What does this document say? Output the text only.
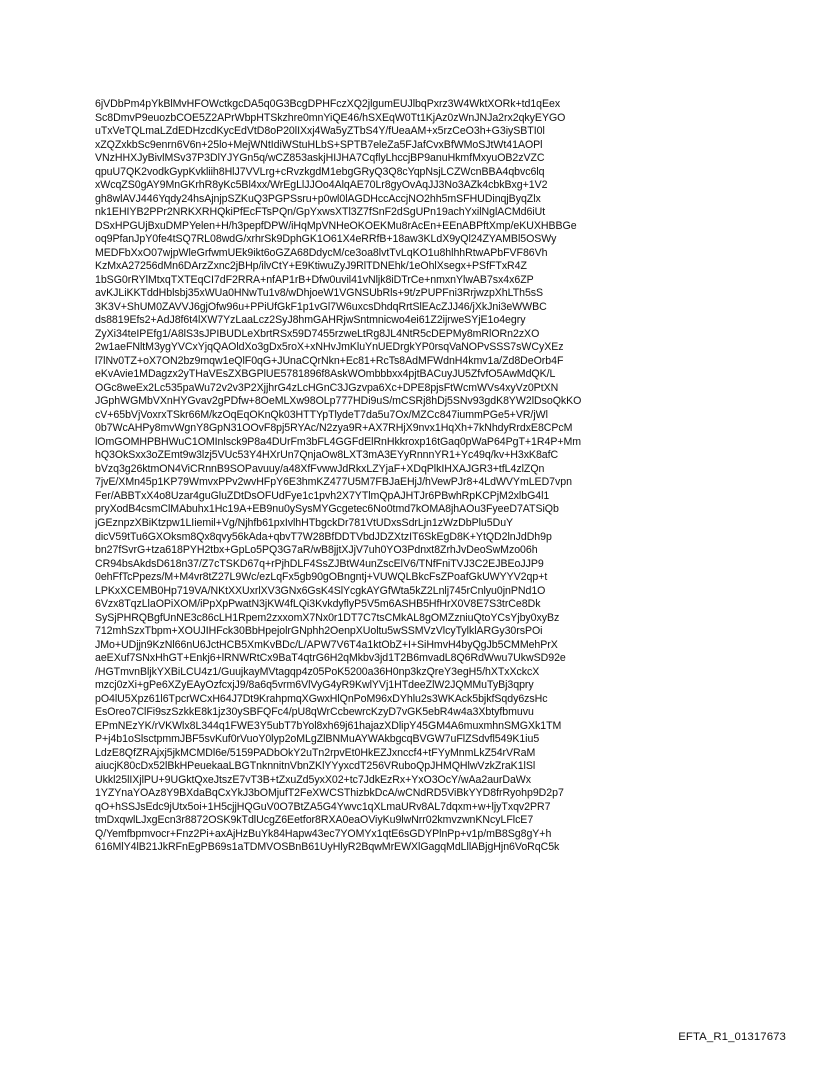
6jVDbPm4pYkBlMvHFOWctkgcDA5q0G3BcgDPHFczXQ2jlgumEUJlbqPxrz3W4WktXORk+td1qEex
Sc8DmvP9euozbCOE5Z2APrWbpHTSkzhre0mnYiQE46/hSXEqW0Tt1KjAz0zWnJNJa2rx2qkyEYGO
uTxVeTQLmaLZdEDHzcdKycEdVtD8oP20lIXxj4Wa5yZTbS4Y/fUeaAM+x5rzCeO3h+G3iySBTI0l
xZQZxkbSc9enrn6V6n+25lo+MejWNtIdiWStuHLbS+SPTB7eleZa5FJafCvxBfWMoSJtWt41AOPl
VNzHHXJyBivlMSv37P3DlYJYGn5q/wCZ853askjHIJHA7CqflyLhccjBP9anuHkmfMxyuOB2zVZC
qpuU7QK2vodkGypKvkliih8HlJ7VVLrg+cRvzkgdM1ebgGRyQ3Q8cYqpNsjLCZWcnBBA4qbvc6lq
xWcqZS0gAY9MnGKrhR8yKc5Bl4xx/WrEgLlJJOo4AlqAE70Lr8gyOvAqJJ3No3AZk4cbkBxg+1V2
gh8wlAVJ446Yqdy24hsAjnjpSZKuQ3PGPSsru+p0wl0lAGDHccAccjNO2hh5mSFHUDinqjByqZlx
nk1EHIYB2PPr2NRKXRHQkiPfEcFTsPQn/GpYxwsXTl3Z7fSnF2dSgUPn19achYxilNglACMd6iUt
DSxHPGUjBxuDMPYelen+H/h3pepfDPW/iHqMpVNHeOKOEKMu8rAcEn+EEnABPftXmp/eKUXHBBGe
oq9PfanJpY0fe4tSQ7RL08wdG/xrhrSk9DphGK1O61X4eRRfB+18aw3KLdX9yQl24ZYAMBl5OSWy
MEDFbXxO07wjpWleGrfwmUEk9ikt6oGZA68DdycM/ce3oa8lvtTvLqKO1u8hlhhRtwAPbFVF86Vh
KzMxA27256dMn6DArzZxnc2jBHp/ilvCtY+E9KtiwuZyJ9RlTDNEhk/1eOhlXsegx+PSfFTxR4Z
1bSG0rRYlMtxqTXTEqCI7dF2RRA+nfAP1rB+Dfw0uvil41vNljk8iDTrCe+nmxnYlwAB7sx4x6ZP
avKJLiKKTddHblsbj35xWUa0HNwTu1v8/wDhjoeW1VGNSUbRls+9t/zPUPFni3RrjwzpXhLTh5sS
3K3V+ShUM0ZAVVJ6gjOfw96u+PPiUfGkF1p1vGl7W6uxcsDhdqRrtSlEAcZJJ46/jXkJni3eWWBC
ds8819Efs2+AdJ8f6t4lXW7YzLaaLcz2SyJ8hmGAHRjwSntmnicwo4ei61Z2ijrweSYjE1o4egry
ZyXi34teIPEfg1/A8lS3sJPIBUDLeXbrtRSx59D7455rzweLtRg8JL4NtR5cDEPMy8mRlORn2zXO
2w1aeFNltM3ygYVCxYjqQAOldXo3gDx5roX+xNHvJmKluYnUEDrgkYP0rsqVaNOPvSSS7sWCyXEz
l7lNv0TZ+oX7ON2bz9mqw1eQlF0qG+JUnaCQrNkn+Ec81+RcTs8AdMFWdnH4kmv1a/Zd8DeOrb4F
eKvAvie1MDagzx2yTHaVEsZXBGPlUE5781896f8AskWOmbbbxx4pjtBACuyJU5ZfvfO5AwMdQK/L
OGc8weEx2Lc535paWu72v2v3P2XjjhrG4zLcHGnC3JGzvpa6Xc+DPE8pjsFtWcmWVs4xyVz0PtXN
JGphWGMbVXnHYGvav2gPDfw+8OeMLXw98OLp777HDi9uS/mCSRj8hDj5SNv93gdK8YW2lDsoQkKO
cV+65bVjVoxrxTSkr66M/kzOqEqOKnQk03HTTYpTlydeT7da5u7Ox/MZCc847iummPGe5+VR/jWl
0b7WcAHPy8mvWgnY8GpN31OOvF8pj5RYAc/N2zya9R+AX7RHjX9nvx1HqXh+7kNhdyRrdxE8CPcM
lOmGOMHPBHWuC1OMInlsck9P8a4DUrFm3bFL4GGFdElRnHkkroxp16tGaq0pWaP64PgT+1R4P+Mm
hQ3OkSxx3oZEmt9w3lzj5VUc53Y4HXrUn7QnjaOw8LXT3mA3EYyRnnnYR1+Yc49q/kv+H3xK8afC
bVzq3g26ktmON4ViCRnnB9SOPavuuy/a48XfFvwwJdRkxLZYjaF+XDqPlkIHXAJGR3+tfL4zlZQn
7jvE/XMn45p1KP79WmvxPPv2wvHFpY6E3hmKZ477U5M7FBJaEHjJ/hVewPJr8+4LdWVYmLED7vpn
Fer/ABBTxX4o8Uzar4guGluZDtDsOFUdFye1c1pvh2X7YTlmQpAJHTJr6PBwhRpKCPjM2xlbG4l1
pryXodB4csmClMAbuhx1Hc19A+EB9nu0ySysMYGcgetec6No0tmd7kOMA8jhAOu3FyeeD7ATSiQb
jGEznpzXBiKtzpw1LIiemil+Vg/Njhfb61pxIvlhHTbgckDr781VtUDxsSdrLjn1zWzDbPlu5DuY
dicV59tTu6GXOksm8Qx8qvy56kAda+qbvT7W28BfDDTVbdJDZXtzIT6SkEgD8K+YtQD2lnJdDh9p
bn27fSvrG+tza618PYH2tbx+GpLo5PQ3G7aR/wB8jjtXJjV7uh0YO3Pdnxt8ZrhJvDeoSwMzo06h
CR94bsAkdsD618n37/Z7cTSKD67q+rPjhDLF4SsZJBtW4unZscElV6/TNfFniTVJ3C2EJBEoJJP9
0ehFfTcPpezs/M+M4vr8tZ27L9Wc/ezLqFx5gb90gOBngntj+VUWQLBkcFsZPoafGkUWYYV2qp+t
LPKxXCEMB0Hp719VA/NKtXXUxrlXV3GNx6GsK4SlYcgkAYGfWta5kZ2Lnlj745rCnlyu0jnPNd1O
6Vzx8TqzLlaOPiXOM/iPpXpPwatN3jKW4fLQi3KvkdyflyP5V5m6ASHB5HfHrX0V8E7S3trCe8Dk
SySjPHRQBgfUnNE3c86cLH1Rpem2zxxomX7Nx0r1DT7C7tsCMkAL8gOMZzniuQtoYCsYjby0xyBz
712mhSzxTbpm+XOUJIHFck30BbHpejolrGNphh2OenpXUoltu5wSSMVzVlcyTylklARGy30rsPOi
JMo+UDjjn9KzNl66nU6JctHCB5XmKvBDc/L/APW7V6T4a1ktObZ+I+SiHmvH4byQgJb5CMMehPrX
aeEXuf7SNxHhGT+Enkj6+lRNWRtCx9BaT4qtrG6H2qMkbv3jd1T2B6mvadL8Q6RdWwu7UkwSD92e
/HGTmvnBljkYXBiLCU4z1/GuujkayMVtagqp4z05PoK5200a36H0np3kzQreY3egH5/hXTxXckcX
mzcj0zXi+gPe6XZyEAyOzfcxjJ9/8a6q5vrm6VlVyG4yR9KwlYVj1HTdeeZlW2JQMMuTyBj3qpry
pO4lU5Xpz61l6TpcrWCxH64J7Dt9KrahpmqXGwxHlQnPoM96xDYhlu2s3WKAck5bjkfSqdy6zsHc
EsOreo7ClFi9szSzkkE8k1jz30ySBFQFc4/pU8qWrCcbewrcKzyD7vGK5ebR4w4a3Xbtyfbmuvu
EPmNEzYK/rVKWlx8L344q1FWE3Y5ubT7bYol8xh69j61hajazXDlipY45GM4A6muxmhnSMGXk1TM
P+j4b1oSlsctpmmJBF5svKuf0rVuoY0lyp2oMLgZlBNMuAYWAkbgcqBVGW7uFlZSdvfl549K1iu5
LdzE8QfZRAjxj5jkMCMDl6e/5159PADbOkY2uTn2rpvEt0HkEZJxnccf4+tFYyMnmLkZ54rVRaM
aiucjK80cDx52lBkHPeuekaaLBGTnknnitnVbnZKlYYyxcdT256VRuboQpJHMQHlwVzkZraK1lSl
Ukkl25lIXjlPU+9UGktQxeJtszE7vT3B+tZxuZd5yxX02+tc7JdkEzRx+YxO3OcY/wAa2aurDaWx
1YZYnaYOAz8Y9BXdaBqCxYkJ3bOMjufT2FeXWCSThizbkDcA/wCNdRD5ViBkYYD8frRyohp9D2p7
qO+hSSJsEdc9jUtx5oi+1H5cjjHQGuV0O7BtZA5G4Ywvc1qXLmaURv8AL7dqxm+w+ljyTxqv2PR7
tmDxqwlLJxgEcn3r8872OSK9kTdlUcgZ6Eetfor8RXA0eaOViyKu9lwNrr02kmvzwnKNcyLFlcE7
Q/Yemfbpmvocr+Fnz2Pi+axAjHzBuYk84Hapw43ec7YOMYx1qtE6sGDYPlnPp+v1p/mB8Sg8gY+h
616MlY4lB21JkRFnEgPB69s1aTDMVOSBnB61UyHlyR2BqwMrEWXlGagqMdLllABjgHjn6VoRqC5k
EFTA_R1_01317673
